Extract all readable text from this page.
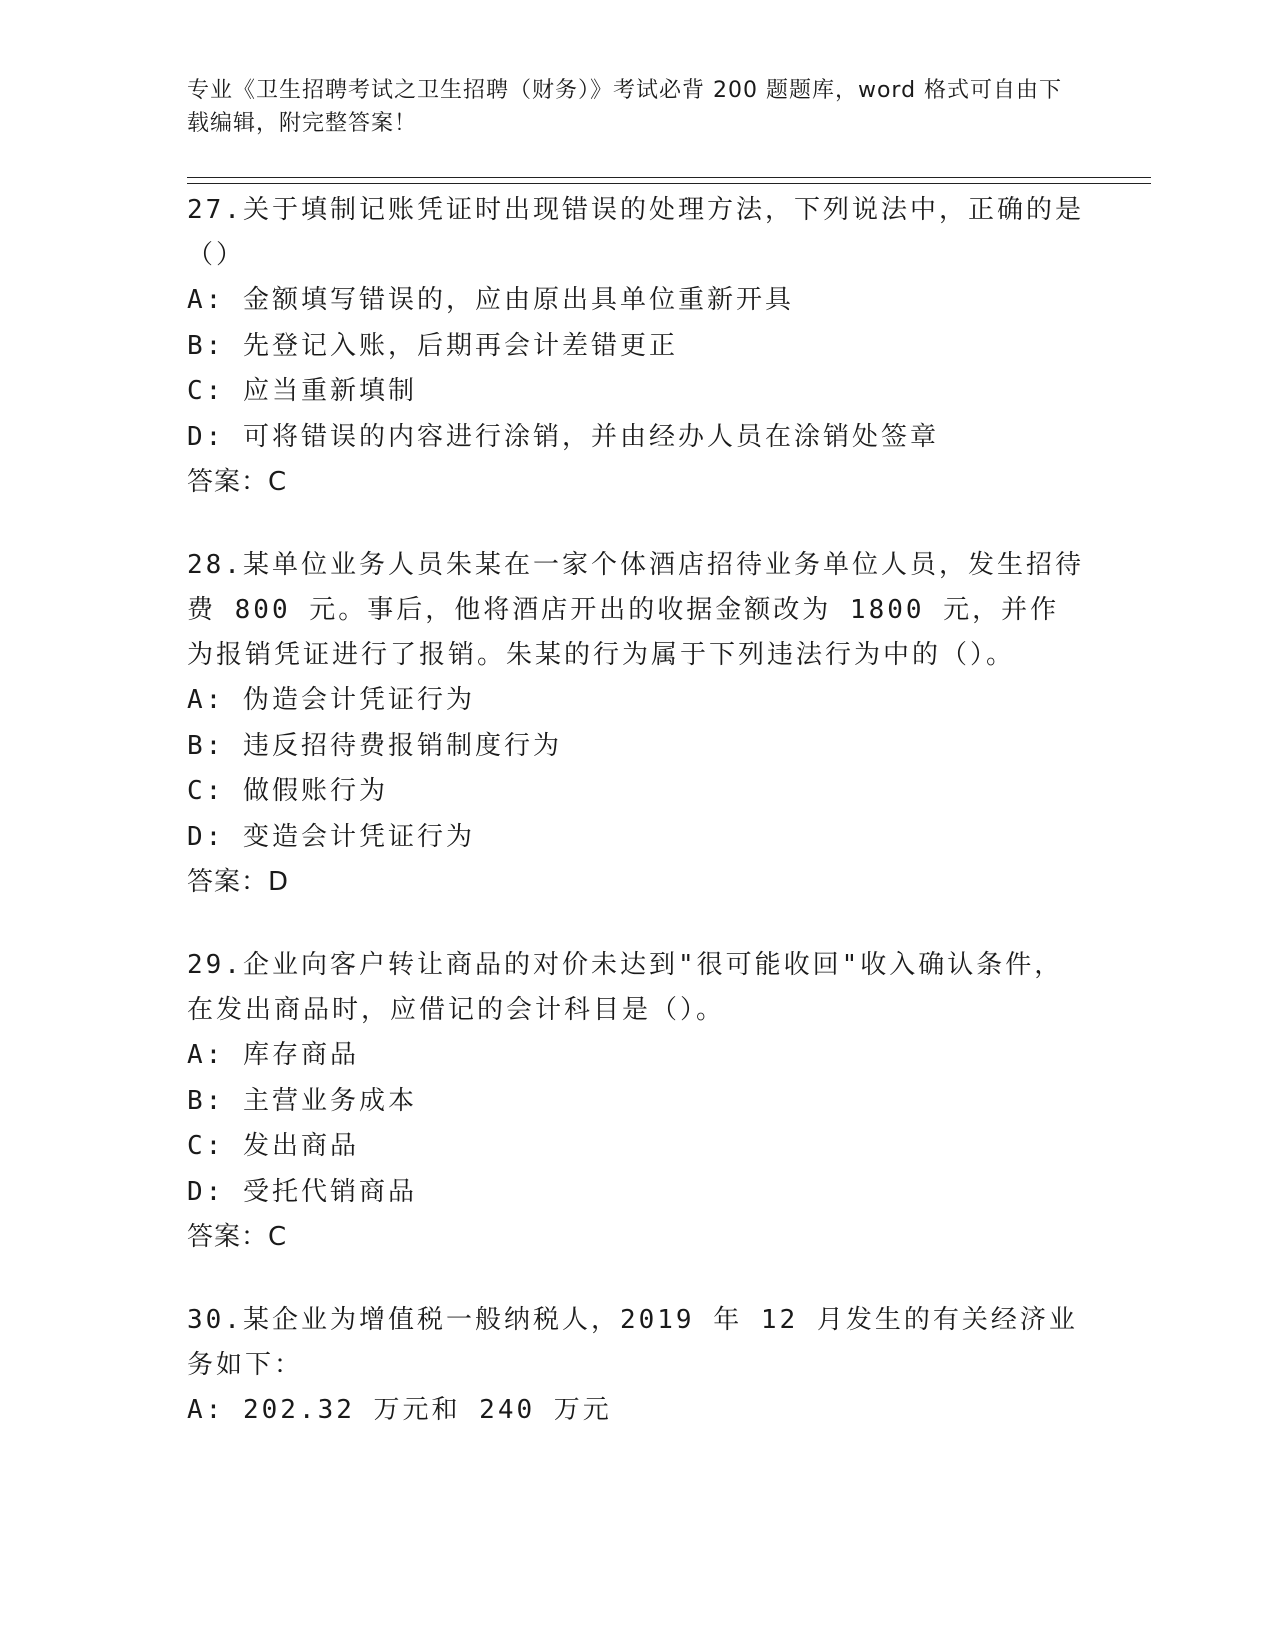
专业《卫生招聘考试之卫生招聘（财务）》考试必背 200 题题库，word 格式可自由下载编辑，附完整答案！

27.关于填制记账凭证时出现错误的处理方法，下列说法中，正确的是（）

A: 金额填写错误的，应由原出具单位重新开具

B: 先登记入账，后期再会计差错更正

C: 应当重新填制

D: 可将错误的内容进行涂销，并由经办人员在涂销处签章

答案：C

28.某单位业务人员朱某在一家个体酒店招待业务单位人员，发生招待费 800 元。事后，他将酒店开出的收据金额改为 1800 元，并作为报销凭证进行了报销。朱某的行为属于下列违法行为中的（）。

A: 伪造会计凭证行为

B: 违反招待费报销制度行为

C: 做假账行为

D: 变造会计凭证行为

答案：D

29.企业向客户转让商品的对价未达到"很可能收回"收入确认条件，在发出商品时，应借记的会计科目是（）。

A: 库存商品

B: 主营业务成本

C: 发出商品

D: 受托代销商品

答案：C

30.某企业为增值税一般纳税人，2019 年 12 月发生的有关经济业务如下：

A: 202.32 万元和 240 万元
